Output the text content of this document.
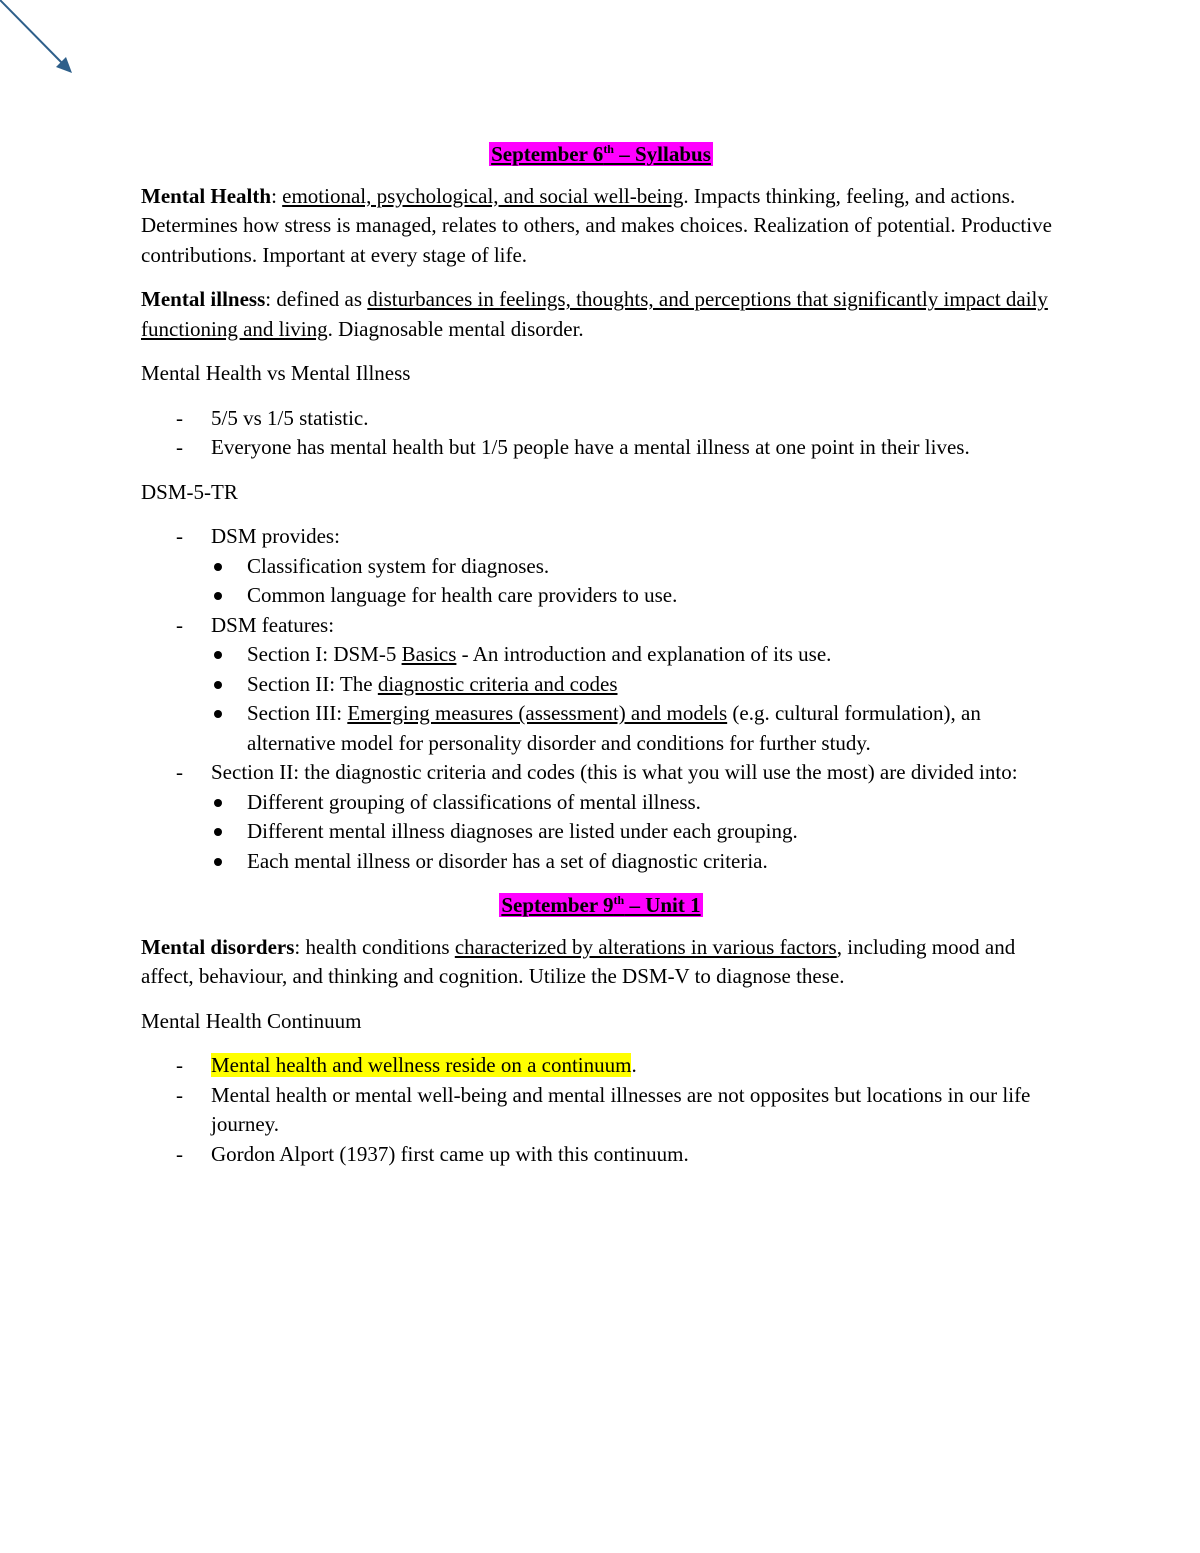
September 6th – Syllabus

Mental Health: emotional, psychological, and social well-being. Impacts thinking, feeling, and actions. Determines how stress is managed, relates to others, and makes choices. Realization of potential. Productive contributions. Important at every stage of life.

Mental illness: defined as disturbances in feelings, thoughts, and perceptions that significantly impact daily functioning and living. Diagnosable mental disorder.

Mental Health vs Mental Illness

- 5/5 vs 1/5 statistic.
- Everyone has mental health but 1/5 people have a mental illness at one point in their lives.

DSM-5-TR

- DSM provides:
Classification system for diagnoses.
Common language for health care providers to use.
- DSM features:
Section I: DSM-5 Basics - An introduction and explanation of its use.
Section II: The diagnostic criteria and codes
Section III: Emerging measures (assessment) and models (e.g. cultural formulation), an alternative model for personality disorder and conditions for further study.
- Section II: the diagnostic criteria and codes (this is what you will use the most) are divided into:
Different grouping of classifications of mental illness.
Different mental illness diagnoses are listed under each grouping.
Each mental illness or disorder has a set of diagnostic criteria.
September 9th – Unit 1

Mental disorders: health conditions characterized by alterations in various factors, including mood and affect, behaviour, and thinking and cognition. Utilize the DSM-V to diagnose these.

Mental Health Continuum

- Mental health and wellness reside on a continuum.
- Mental health or mental well-being and mental illnesses are not opposites but locations in our life journey.
- Gordon Alport (1937) first came up with this continuum.
